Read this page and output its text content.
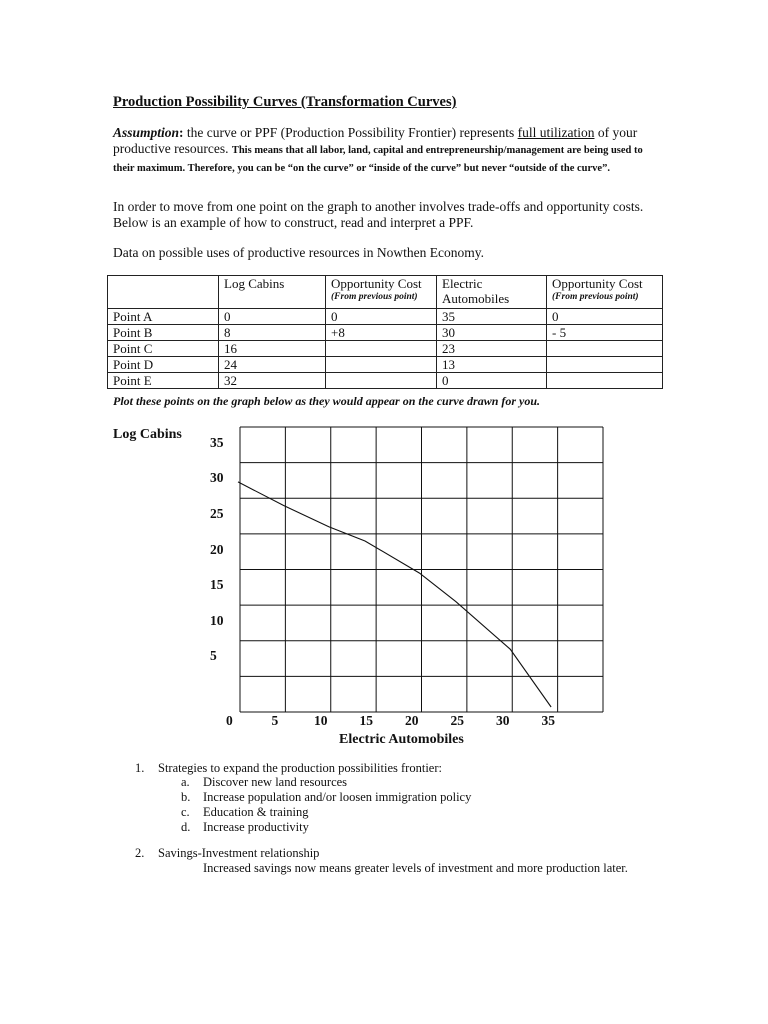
Production Possibility Curves (Transformation Curves)
Assumption: the curve or PPF (Production Possibility Frontier) represents full utilization of your productive resources. This means that all labor, land, capital and entrepreneurship/management are being used to their maximum. Therefore, you can be “on the curve” or “inside of the curve” but never “outside of the curve”.
In order to move from one point on the graph to another involves trade-offs and opportunity costs. Below is an example of how to construct, read and interpret a PPF.
Data on possible uses of productive resources in Nowthen Economy.
	Log Cabins	Opportunity Cost
(From previous point)	Electric Automobiles	Opportunity Cost
(From previous point)

Point A	0	0	35	0
Point B	8	+8	30	- 5
Point C	16		23	
Point D	24		13	
Point E	32		0	
Plot these points on the graph below as they would appear on the curve drawn for you.
Log Cabins
35
30
25
20
15
10
5
0	5	10 15 20 25 30 35
Electric Automobiles
1. Strategies to expand the production possibilities frontier:
a. Discover new land resources
b. Increase population and/or loosen immigration policy
c. Education & training
d. Increase productivity
2. Savings-Investment relationship
Increased savings now means greater levels of investment and more production later.
